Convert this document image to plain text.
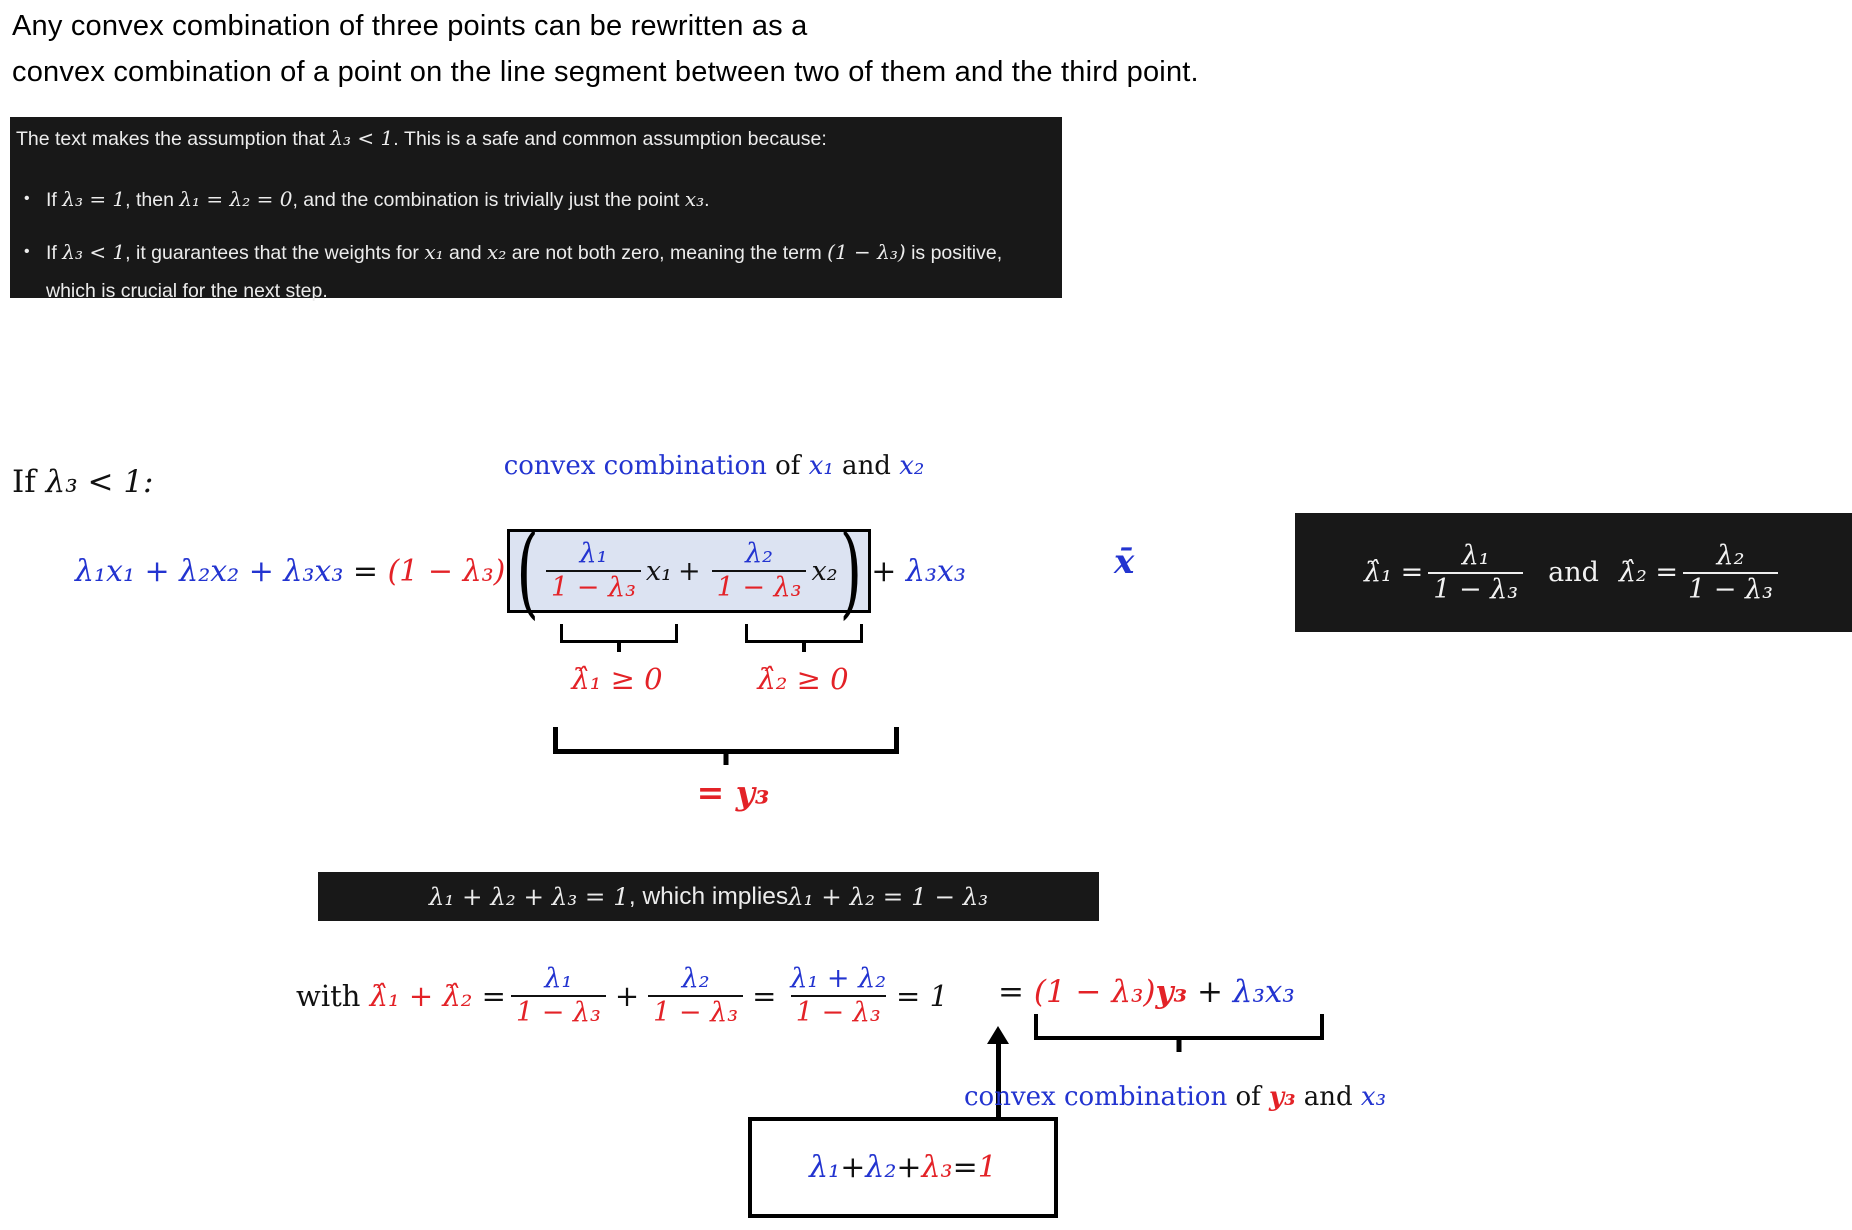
Any convex combination of three points can be rewritten as a
convex combination of a point on the line segment between two of them and the third point.
The text makes the assumption that λ₃ < 1. This is a safe and common assumption because:
• If λ₃ = 1, then λ₁ = λ₂ = 0, and the combination is trivially just the point x₃.
• If λ₃ < 1, it guarantees that the weights for x₁ and x₂ are not both zero, meaning the term (1 − λ₃) is positive, which is crucial for the next step.
If λ₃ < 1:	convex combination of x₁ and x₂
λ₁x₁ + λ₂x₂ + λ₃x₃ = (1 − λ₃) ( $\frac{\text{λ₁}}{\text{1 − λ₃}} x_1 + \frac{\text{λ₂}}{\text{1 − λ₃}} x_2$ ) + λ₃x₃	x̄	λ̂₁ = $\frac{\text{λ₁}}{\text{1 − λ₃}}$ and λ̂₂ = $\frac{\text{λ₂}}{\text{1 − λ₃}}$
λ̂₁ ≥ 0	λ̂₂ ≥ 0
= y₃
λ₁ + λ₂ + λ₃ = 1 , which implies λ₁ + λ₂ = 1 − λ₃
with λ̂₁ + λ̂₂ = $\frac{\text{λ₁}}{\text{1 − λ₃}} + \frac{\text{λ₂}}{\text{1 − λ₃}} = \frac{\text{λ₁ + λ₂}}{\text{1 − λ₃}} = 1 = (1 - \lambda_3)y_3 + \lambda_3x_3$
convex combination of y₃ and x₃
λ₁ + λ₂ + λ₃ = 1
